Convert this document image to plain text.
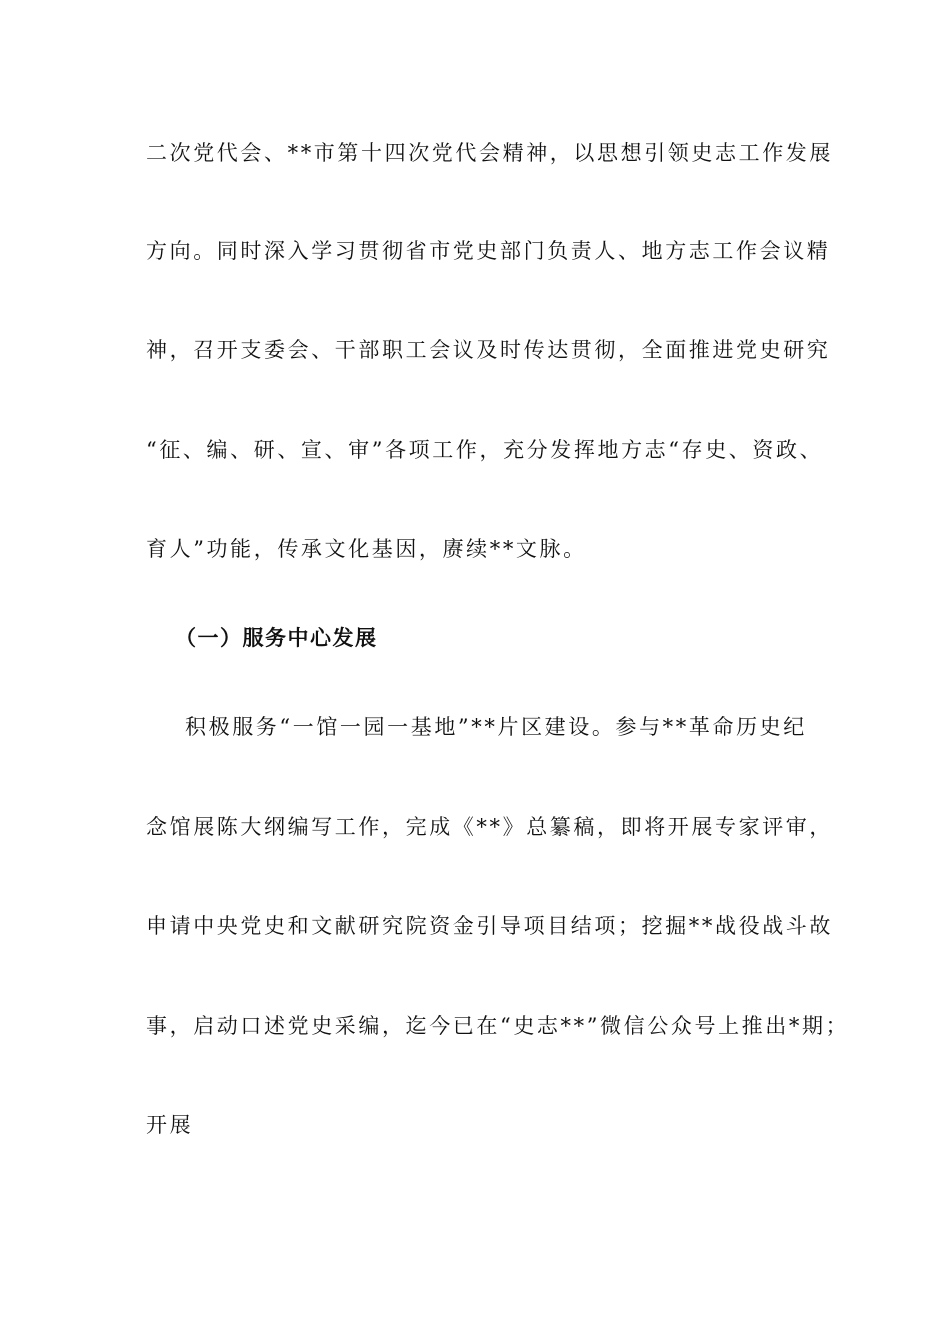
二次党代会、**市第十四次党代会精神，以思想引领史志工作发展
方向。同时深入学习贯彻省市党史部门负责人、地方志工作会议精
神，召开支委会、干部职工会议及时传达贯彻，全面推进党史研究
“征、编、研、宣、审”各项工作，充分发挥地方志“存史、资政、
育人”功能，传承文化基因，赓续**文脉。
（一）服务中心发展
积极服务“一馆一园一基地”**片区建设。参与**革命历史纪
念馆展陈大纲编写工作，完成《**》总纂稿，即将开展专家评审，
申请中央党史和文献研究院资金引导项目结项；挖掘**战役战斗故
事，启动口述党史采编，迄今已在“史志**”微信公众号上推出*期；
开展
